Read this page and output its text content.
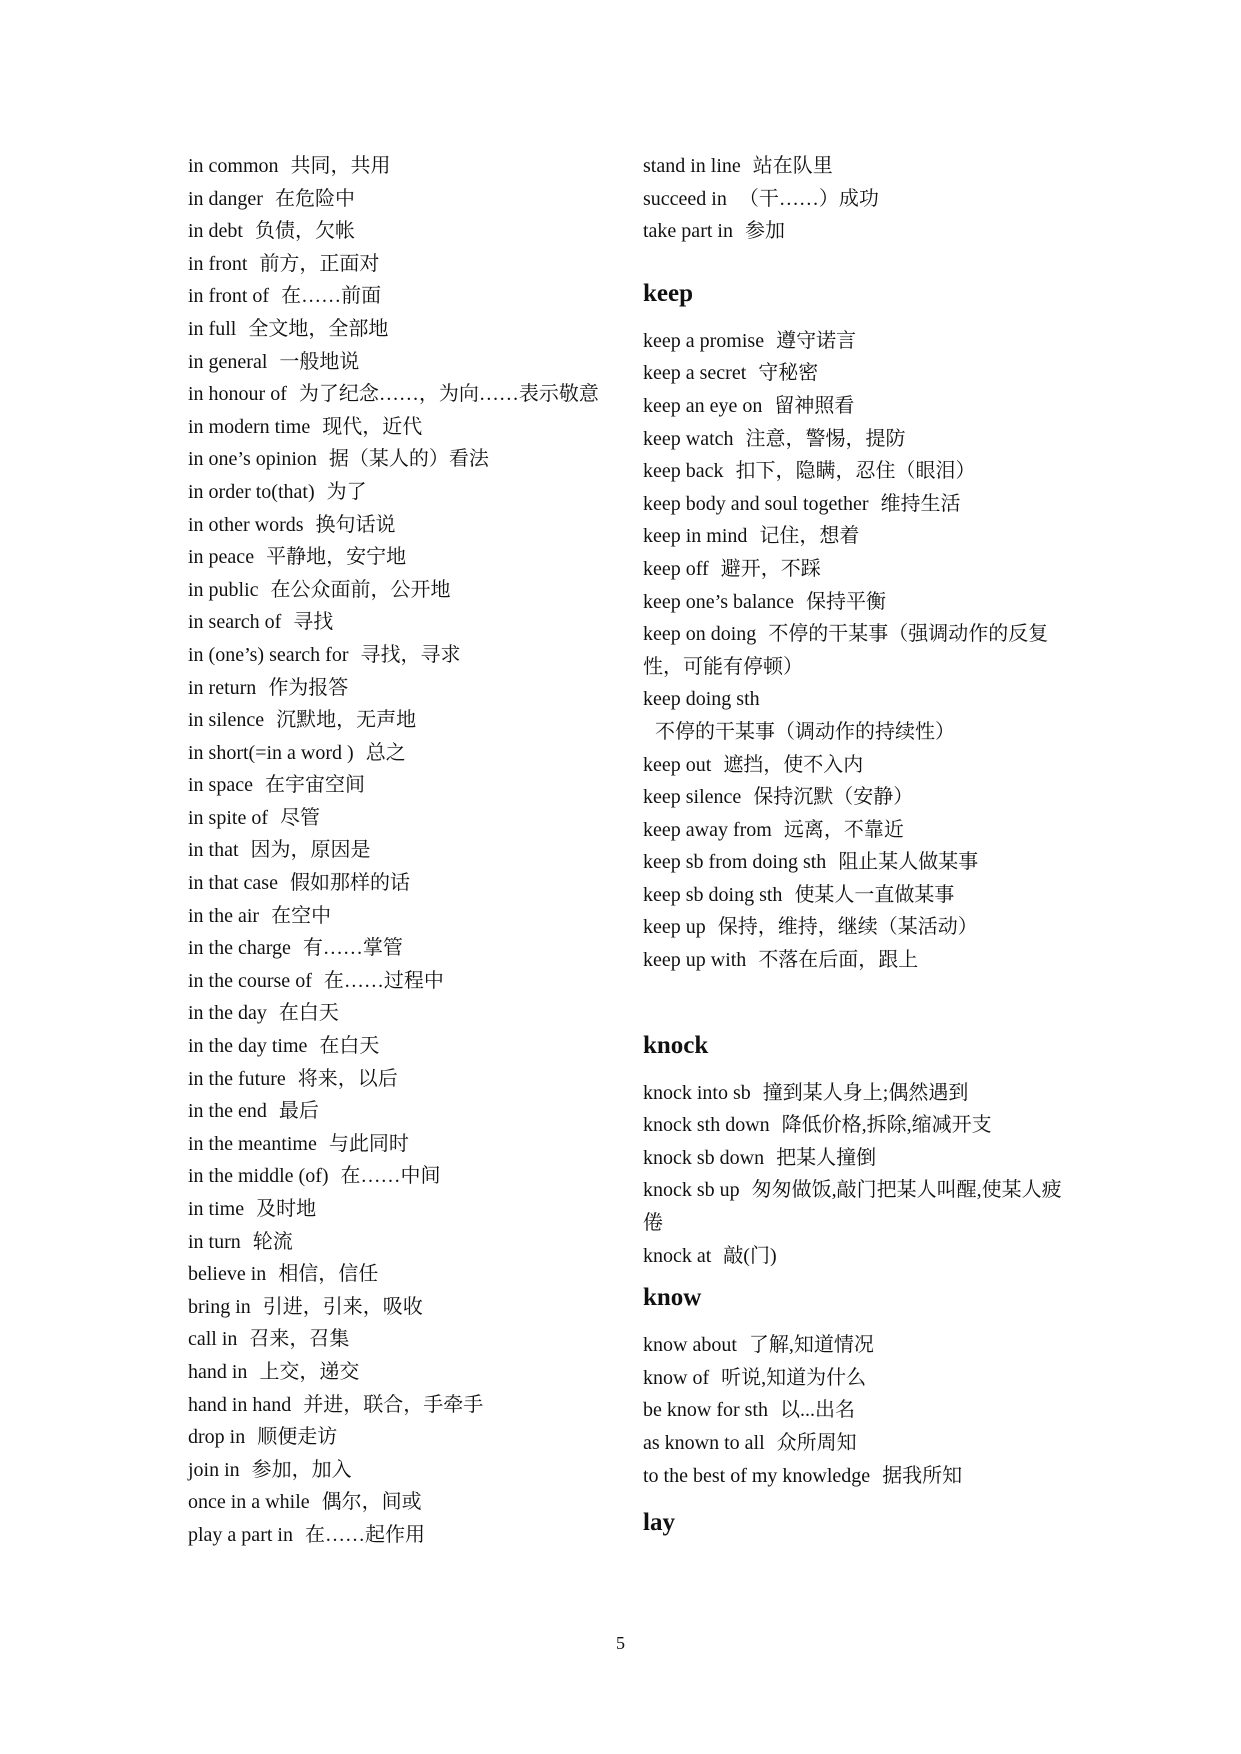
in common 共同，共用
in danger 在危险中
in debt 负债，欠帐
in front 前方，正面对
in front of 在……前面
in full 全文地，全部地
in general 一般地说
in honour of 为了纪念……，为向……表示敬意
in modern time 现代，近代
in one’s opinion 据（某人的）看法
in order to(that) 为了
in other words 换句话说
in peace 平静地，安宁地
in public 在公众面前，公开地
in search of 寻找
in (one’s) search for 寻找，寻求
in return 作为报答
in silence 沉默地，无声地
in short(=in a word ) 总之
in space 在宇宙空间
in spite of 尽管
in that 因为，原因是
in that case 假如那样的话
in the air 在空中
in the charge 有……掌管
in the course of 在……过程中
in the day 在白天
in the day time 在白天
in the future 将来，以后
in the end 最后
in the meantime 与此同时
in the middle (of) 在……中间
in time 及时地
in turn 轮流
believe in 相信，信任
bring in 引进，引来，吸收
call in 召来，召集
hand in 上交，递交
hand in hand 并进，联合，手牵手
drop in 顺便走访
join in 参加，加入
once in a while 偶尔，间或
play a part in 在……起作用
stand in line 站在队里
succeed in （干……）成功
take part in 参加
keep
keep a promise 遵守诺言
keep a secret 守秘密
keep an eye on 留神照看
keep watch 注意，警惕，提防
keep back 扣下，隐瞒，忍住（眼泪）
keep body and soul together 维持生活
keep in mind 记住，想着
keep off 避开，不踩
keep one’s balance 保持平衡
keep on doing 不停的干某事（强调动作的反复性，可能有停顿）
keep doing sth不停的干某事（调动作的持续性）
keep out 遮挡，使不入内
keep silence 保持沉默（安静）
keep away from 远离，不靠近
keep sb from doing sth 阻止某人做某事
keep sb doing sth 使某人一直做某事
keep up 保持，维持，继续（某活动）
keep up with 不落在后面，跟上
knock
knock into sb 撞到某人身上;偶然遇到
knock sth down 降低价格,拆除,缩减开支
knock sb down 把某人撞倒
knock sb up 匆匆做饭,敲门把某人叫醒,使某人疲倦
knock at 敲(门)
know
know about 了解,知道情况
know of 听说,知道为什么
be know for sth 以...出名
as known to all 众所周知
to the best of my knowledge 据我所知
lay
5
